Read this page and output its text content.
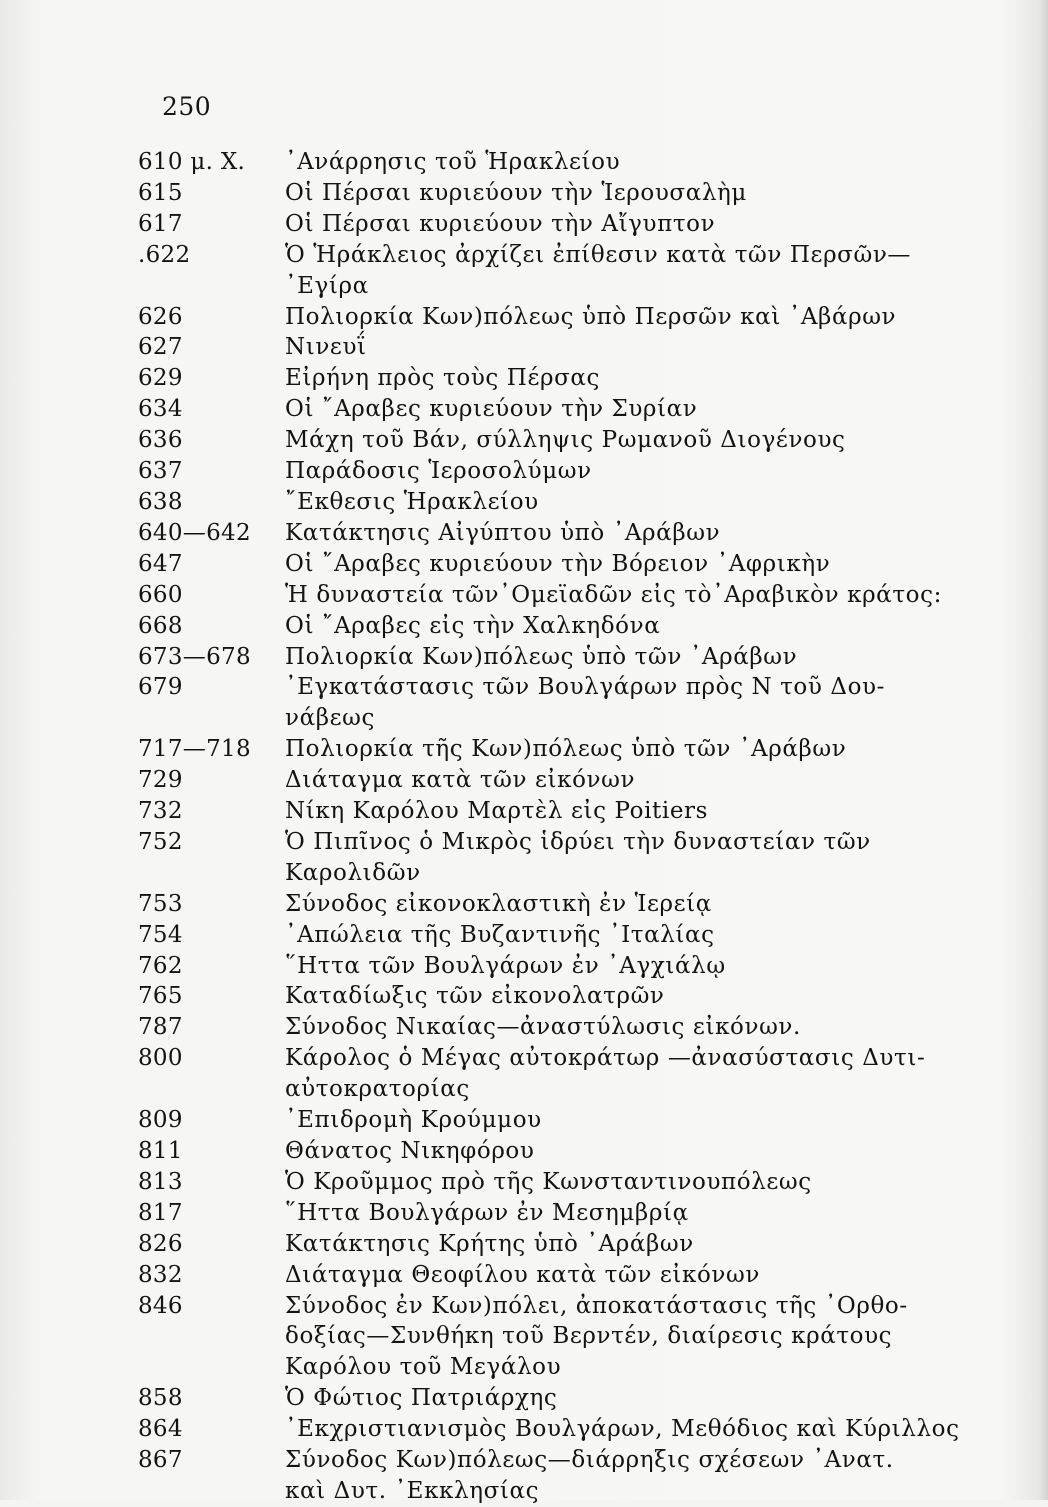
250
610 μ. Χ.	᾿Ανάρρησις τοῦ Ἡρακλείου
615	Οἱ Πέρσαι κυριεύουν τὴν Ἱερουσαλὴμ
617	Οἱ Πέρσαι κυριεύουν τὴν Αἴγυπτον
.622	Ὁ Ἡράκλειος ἀρχίζει ἐπίθεσιν κατὰ τῶν Περσῶν—
᾿Εγίρα
626	Πολιορκία Κων)πόλεως ὑπὸ Περσῶν καὶ ᾿Αβάρων
627	Νινευΐ
629	Εἰρήνη πρὸς τοὺς Πέρσας
634	Οἱ ῎Αραβες κυριεύουν τὴν Συρίαν
636	Μάχη τοῦ Βάν, σύλληψις Ρωμανοῦ Διογένους
637	Παράδοσις Ἱεροσολύμων
638	῎Εκθεσις Ἡρακλείου
640—642	Κατάκτησις Αἰγύπτου ὑπὸ ᾿Αράβων
647	Οἱ ῎Αραβες κυριεύουν τὴν Βόρειον ᾿Αφρικὴν
660	Ἡ δυναστεία τῶν᾿Ομεϊαδῶν εἰς τὸ᾿Αραβικὸν κράτος:
668	Οἱ ῎Αραβες εἰς τὴν Χαλκηδόνα
673—678	Πολιορκία Κων)πόλεως ὑπὸ τῶν ᾿Αράβων
679	᾿Εγκατάστασις τῶν Βουλγάρων πρὸς Ν τοῦ Δου-
νάβεως
717—718	Πολιορκία τῆς Κων)πόλεως ὑπὸ τῶν ᾿Αράβων
729	Διάταγμα κατὰ τῶν εἰκόνων
732	Νίκη Καρόλου Μαρτὲλ εἰς Poitiers
752	Ὁ Πιπῖνος ὁ Μικρὸς ἱδρύει τὴν δυναστείαν τῶν
Καρολιδῶν
753	Σύνοδος εἰκονοκλαστικὴ ἐν Ἱερείᾳ
754	᾿Απώλεια τῆς Βυζαντινῆς ᾿Ιταλίας
762	῞Ηττα τῶν Βουλγάρων ἐν ᾿Αγχιάλῳ
765	Καταδίωξις τῶν εἰκονολατρῶν
787	Σύνοδος Νικαίας—ἀναστύλωσις εἰκόνων.
800	Κάρολος ὁ Μέγας αὐτοκράτωρ —ἀνασύστασις Δυτι-
αὐτοκρατορίας
809	᾿Επιδρομὴ Κρούμμου
811	Θάνατος Νικηφόρου
813	Ὁ Κροῦμμος πρὸ τῆς Κωνσταντινουπόλεως
817	῞Ηττα Βουλγάρων ἐν Μεσημβρίᾳ
826	Κατάκτησις Κρήτης ὑπὸ ᾿Αράβων
832	Διάταγμα Θεοφίλου κατὰ τῶν εἰκόνων
846	Σύνοδος ἐν Κων)πόλει, ἀποκατάστασις τῆς ᾿Ορθο-
δοξίας—Συνθήκη τοῦ Βερντέν, διαίρεσις κράτους
Καρόλου τοῦ Μεγάλου
858	Ὁ Φώτιος Πατριάρχης
864	᾿Εκχριστιανισμὸς Βουλγάρων, Μεθόδιος καὶ Κύριλλος
867	Σύνοδος Κων)πόλεως—διάρρηξις σχέσεων ᾿Ανατ.
καὶ Δυτ. ᾿Εκκλησίας
